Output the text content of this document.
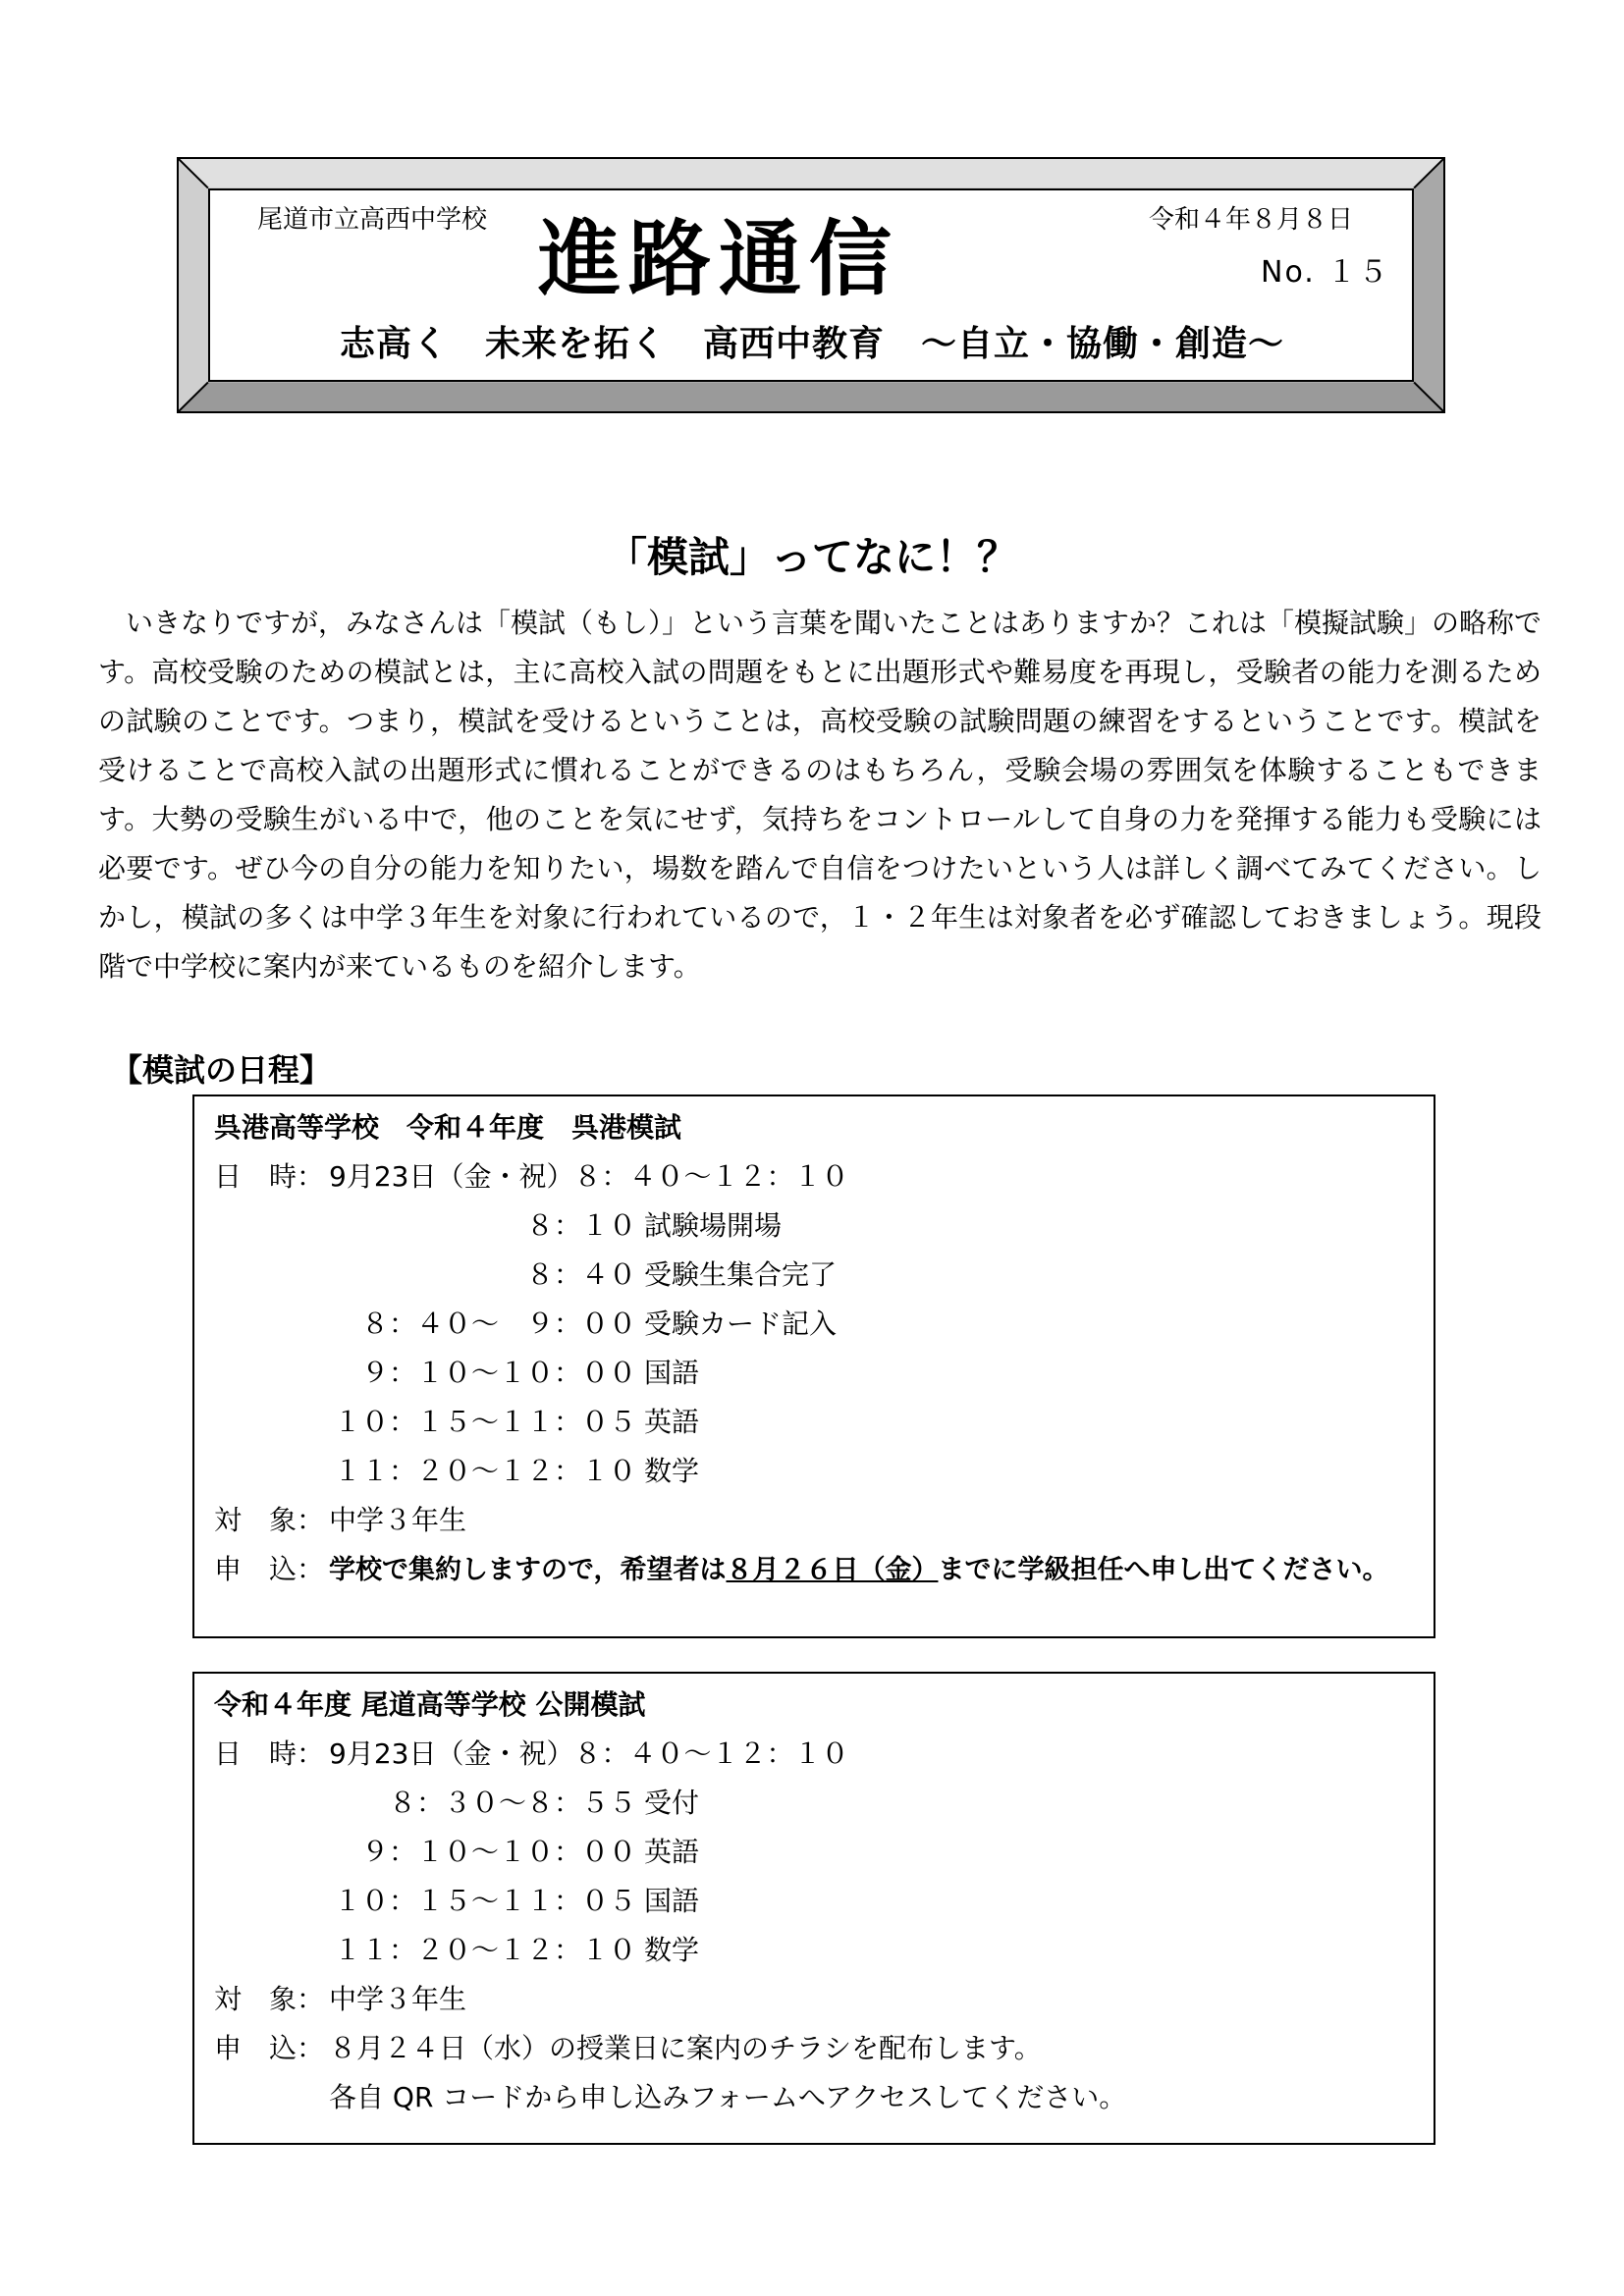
尾道市立高西中学校	令和４年８月８日
進路通信	No. １５
志高く　未来を拓く　高西中教育　～自立・協働・創造～
「模試」ってなに！？

いきなりですが，みなさんは「模試（もし）」という言葉を聞いたことはありますか？これは「模擬試験」の略称です。高校受験のための模試とは，主に高校入試の問題をもとに出題形式や難易度を再現し，受験者の能力を測るための試験のことです。つまり，模試を受けるということは，高校受験の試験問題の練習をするということです。模試を受けることで高校入試の出題形式に慣れることができるのはもちろん，受験会場の雰囲気を体験することもできます。大勢の受験生がいる中で，他のことを気にせず，気持ちをコントロールして自身の力を発揮する能力も受験には必要です。ぜひ今の自分の能力を知りたい，場数を踏んで自信をつけたいという人は詳しく調べてみてください。しかし，模試の多くは中学３年生を対象に行われているので，１・２年生は対象者を必ず確認しておきましょう。現段階で中学校に案内が来ているものを紹介します。

【模試の日程】
呉港高等学校　令和４年度　呉港模試
日　時： 9月23日（金・祝）８：４０～１２：１０
８：１０ 試験場開場
８：４０ 受験生集合完了
８：４０～　９：００ 受験カード記入
９：１０～１０：００ 国語
１０：１５～１１：０５ 英語
１１：２０～１２：１０ 数学
対　象： 中学３年生
申　込： 学校で集約しますので，希望者は８月２６日（金）までに学級担任へ申し出てください。
令和４年度 尾道高等学校 公開模試
日　時： 9月23日（金・祝）８：４０～１２：１０
８：３０～８：５５ 受付
９：１０～１０：００ 英語
１０：１５～１１：０５ 国語
１１：２０～１２：１０ 数学
対　象： 中学３年生
申　込： ８月２４日（水）の授業日に案内のチラシを配布します。
各自 QR コードから申し込みフォームへアクセスしてください。
